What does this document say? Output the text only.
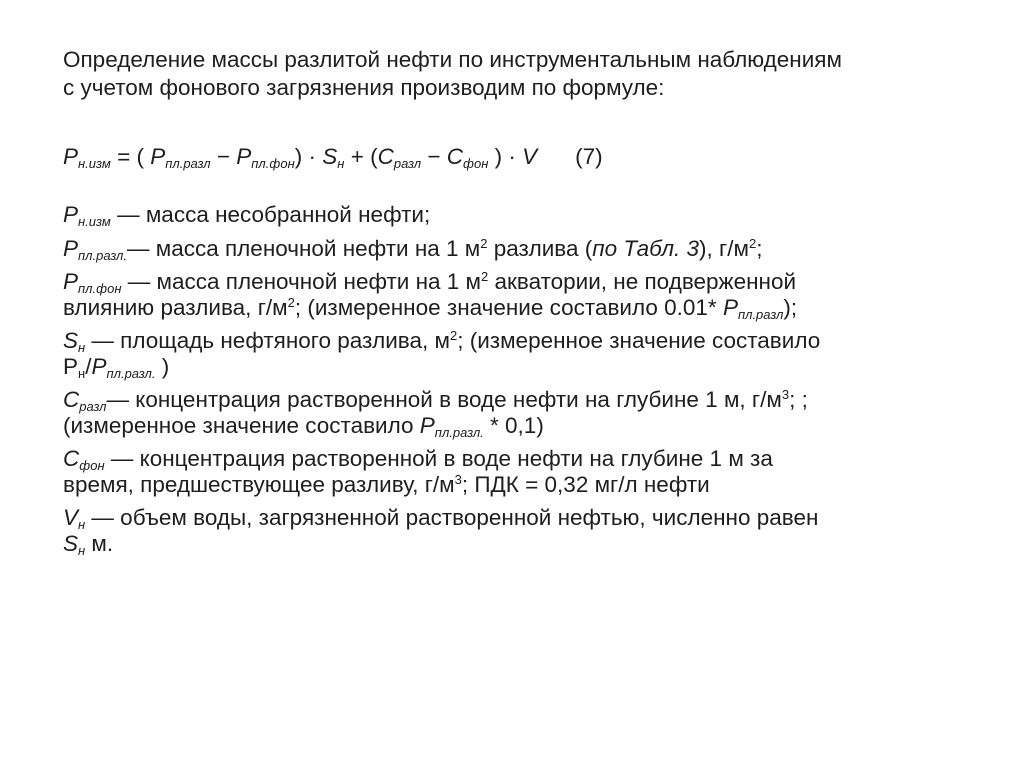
Определение массы разлитой нефти по инструментальным наблюдениям
с учетом фонового загрязнения производим по формуле:

$P_{н.изм}$ = ( $P_{пл.разл} - P_{пл.фон}) \cdot S_н + (C_{разл} - C_{фон}$ ) · V (7)
$P_{н.изм}$ — масса несобранной нефти;
$P_{пл.разл.}—$ масса пленочной нефти на 1 $м^2$ разлива (по Табл. 3), $г/м^2$;
$P_{пл.фон}$ — масса пленочной нефти на 1 $м^2$ акватории, не подверженной
влиянию разлива, $г/м^2$; (измеренное значение составило 0.01* $P_{пл.разл}$);
$S_н$ — площадь нефтяного разлива, $м^2$; (измеренное значение составило
$Р_н/P_{пл.разл.}$ )
$C_{разл}—$ концентрация растворенной в воде нефти на глубине 1 м, $г/м^3$; ;
(измеренное значение составило $P_{пл.разл.} * 0,1$)
$C_{фон}$ — концентрация растворенной в воде нефти на глубине 1 м за
время, предшествующее разливу, $г/м^3$; ПДК = 0,32 мг/л нефти
$V_н$ — объем воды, загрязненной растворенной нефтью, численно равен
$S_н$ м.
